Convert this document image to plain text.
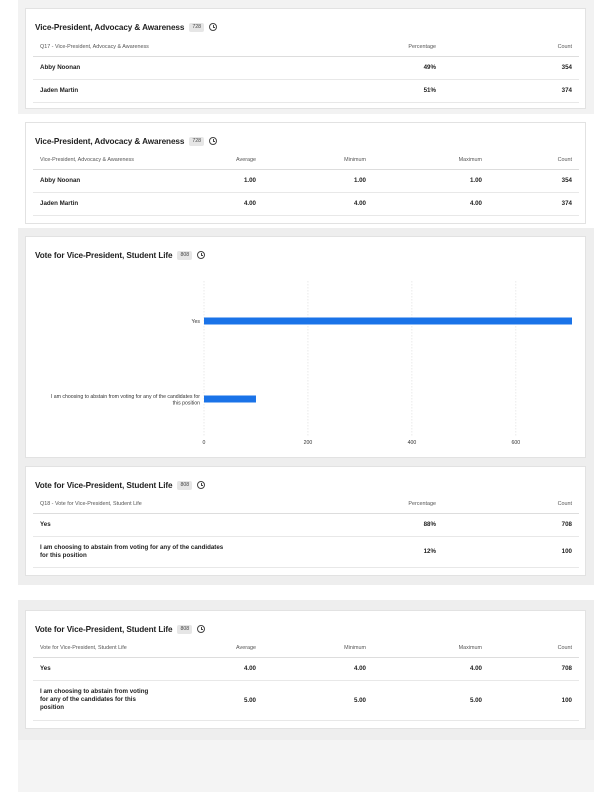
Vice-President, Advocacy & Awareness	728
Q17 - Vice-President, Advocacy & Awareness	Percentage	Count
Abby Noonan	49%	354
Jaden Martin	51%	374
Vice-President, Advocacy & Awareness	728
Vice-President, Advocacy & Awareness	Average	Minimum	Maximum	Count
Abby Noonan	1.00	1.00	1.00	354
Jaden Martin	4.00	4.00	4.00	374
Vote for Vice-President, Student Life	808
0	200	400	600
Yes
I am choosing to abstain from voting for any of the candidates for this position
Vote for Vice-President, Student Life	808
Q18 - Vote for Vice-President, Student Life	Percentage	Count
Yes	88%	708

I am choosing to abstain from voting for any of the candidates for this position	12%	100
Vote for Vice-President, Student Life	808
Vote for Vice-President, Student Life	Average	Minimum	Maximum	Count
Yes	4.00	4.00	4.00	708

I am choosing to abstain from voting for any of the candidates for this position	5.00	5.00	5.00	100
